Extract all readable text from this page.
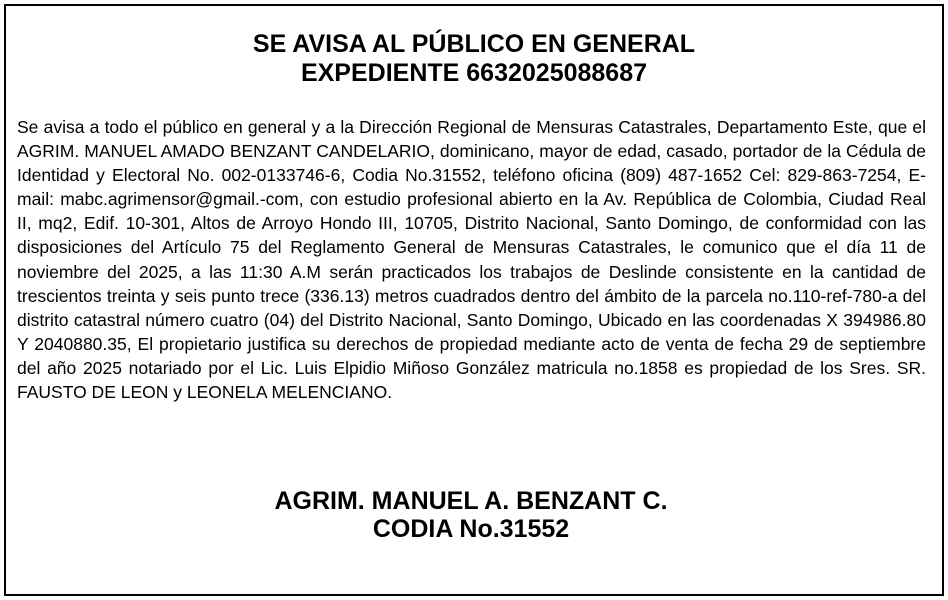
SE AVISA AL PÚBLICO EN GENERAL
EXPEDIENTE 6632025088687

Se avisa a todo el público en general y a la Dirección Regional de Mensuras Catastrales, Departamento Este, que el AGRIM. MANUEL AMADO BENZANT CANDELARIO, dominicano, mayor de edad, casado, portador de la Cédula de Identidad y Electoral No. 002-0133746-6, Codia No.31552, teléfono oficina (809) 487-1652 Cel: 829-863-7254, E-mail: mabc.agrimensor@gmail.-com, con estudio profesional abierto en la Av. República de Colombia, Ciudad Real II, mq2, Edif. 10-301, Altos de Arroyo Hondo III, 10705, Distrito Nacional, Santo Domingo, de conformidad con las disposiciones del Artículo 75 del Reglamento General de Mensuras Catastrales, le comunico que el día 11 de noviembre del 2025, a las 11:30 A.M serán practicados los trabajos de Deslinde consistente en la cantidad de trescientos treinta y seis punto trece (336.13) metros cuadrados dentro del ámbito de la parcela no.110-ref-780-a del distrito catastral número cuatro (04) del Distrito Nacional, Santo Domingo, Ubicado en las coordenadas X 394986.80 Y 2040880.35, El propietario justifica su derechos de propiedad mediante acto de venta de fecha 29 de septiembre del año 2025 notariado por el Lic. Luis Elpidio Miñoso González matricula no.1858 es propiedad de los Sres. SR. FAUSTO DE LEON y LEONELA MELENCIANO.

AGRIM. MANUEL A. BENZANT C.

CODIA No.31552
